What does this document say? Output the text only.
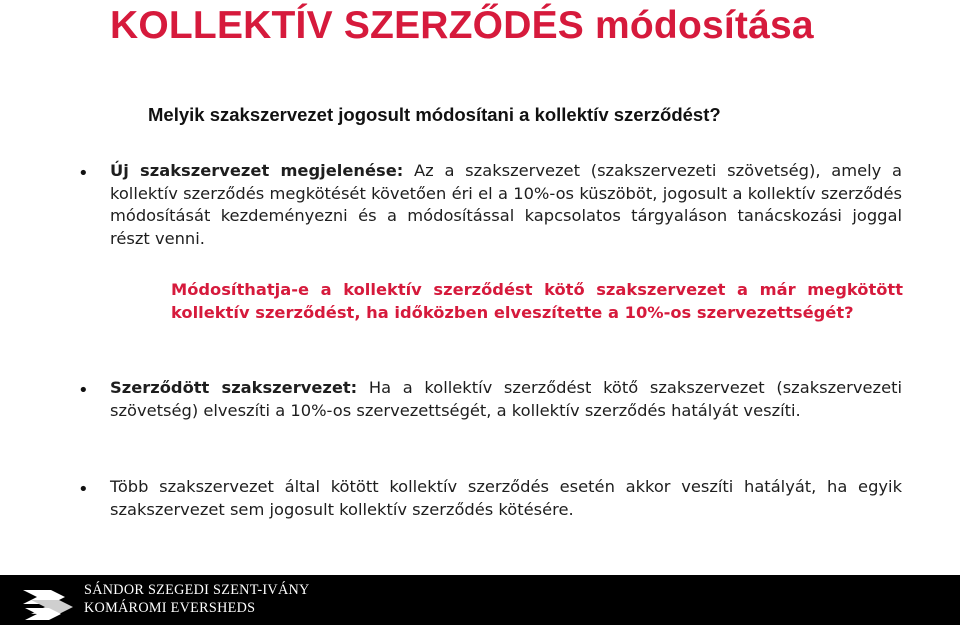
KOLLEKTÍV SZERZŐDÉS módosítása

Melyik szakszervezet jogosult módosítani a kollektív szerződést?

• Új szakszervezet megjelenése: Az a szakszervezet (szakszervezeti szövetség), amely a kollektív szerződés megkötését követően éri el a 10%-os küszöböt, jogosult a kollektív szerződés módosítását kezdeményezni és a módosítással kapcsolatos tárgyaláson tanácskozási joggal részt venni.

Módosíthatja-e a kollektív szerződést kötő szakszervezet a már megkötött kollektív szerződést, ha időközben elveszítette a 10%-os szervezettségét?

• Szerződött szakszervezet: Ha a kollektív szerződést kötő szakszervezet (szakszervezeti szövetség) elveszíti a 10%-os szervezettségét, a kollektív szerződés hatályát veszíti.

• Több szakszervezet által kötött kollektív szerződés esetén akkor veszíti hatályát, ha egyik szakszervezet sem jogosult kollektív szerződés kötésére.

SÁNDOR SZEGEDI SZENT-IVÁNY
KOMÁROMI EVERSHEDS
